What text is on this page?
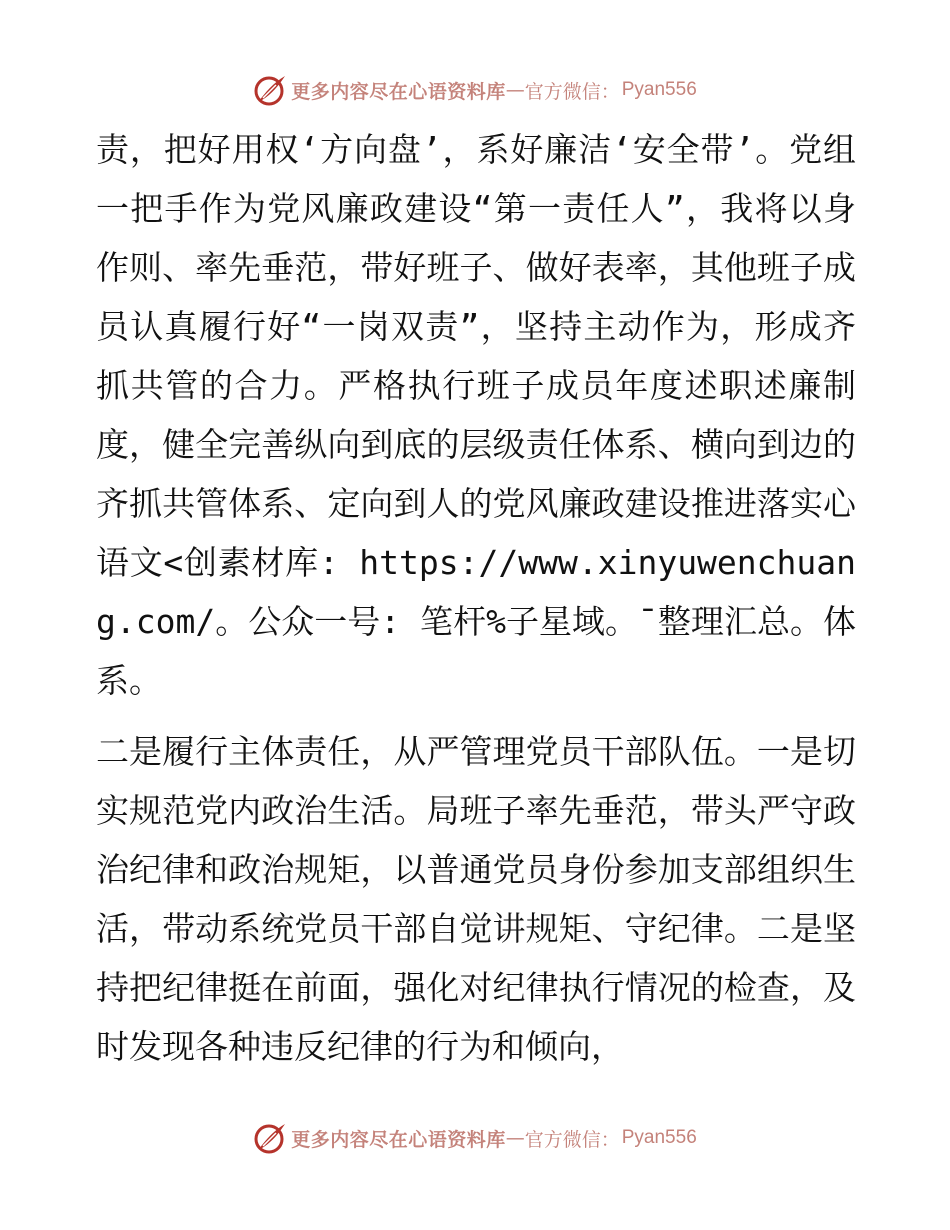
更多内容尽在心语资料库 — 官方微信： Pyan556

责，把好用权‘方向盘’，系好廉洁‘安全带’。党组一把手作为党风廉政建设“第一责任人”，我将以身作则、率先垂范，带好班子、做好表率，其他班子成员认真履行好“一岗双责”，坚持主动作为，形成齐抓共管的合力。严格执行班子成员年度述职述廉制度，健全完善纵向到底的层级责任体系、横向到边的齐抓共管体系、定向到人的党风廉政建设推进落实心语文<创素材库: https://www.xinyuwenchuang.com/。公众一号: 笔杆%子星域。¯整理汇总。体系。

二是履行主体责任，从严管理党员干部队伍。一是切实规范党内政治生活。局班子率先垂范，带头严守政治纪律和政治规矩，以普通党员身份参加支部组织生活，带动系统党员干部自觉讲规矩、守纪律。二是坚持把纪律挺在前面，强化对纪律执行情况的检查，及时发现各种违反纪律的行为和倾向，

更多内容尽在心语资料库 — 官方微信： Pyan556
